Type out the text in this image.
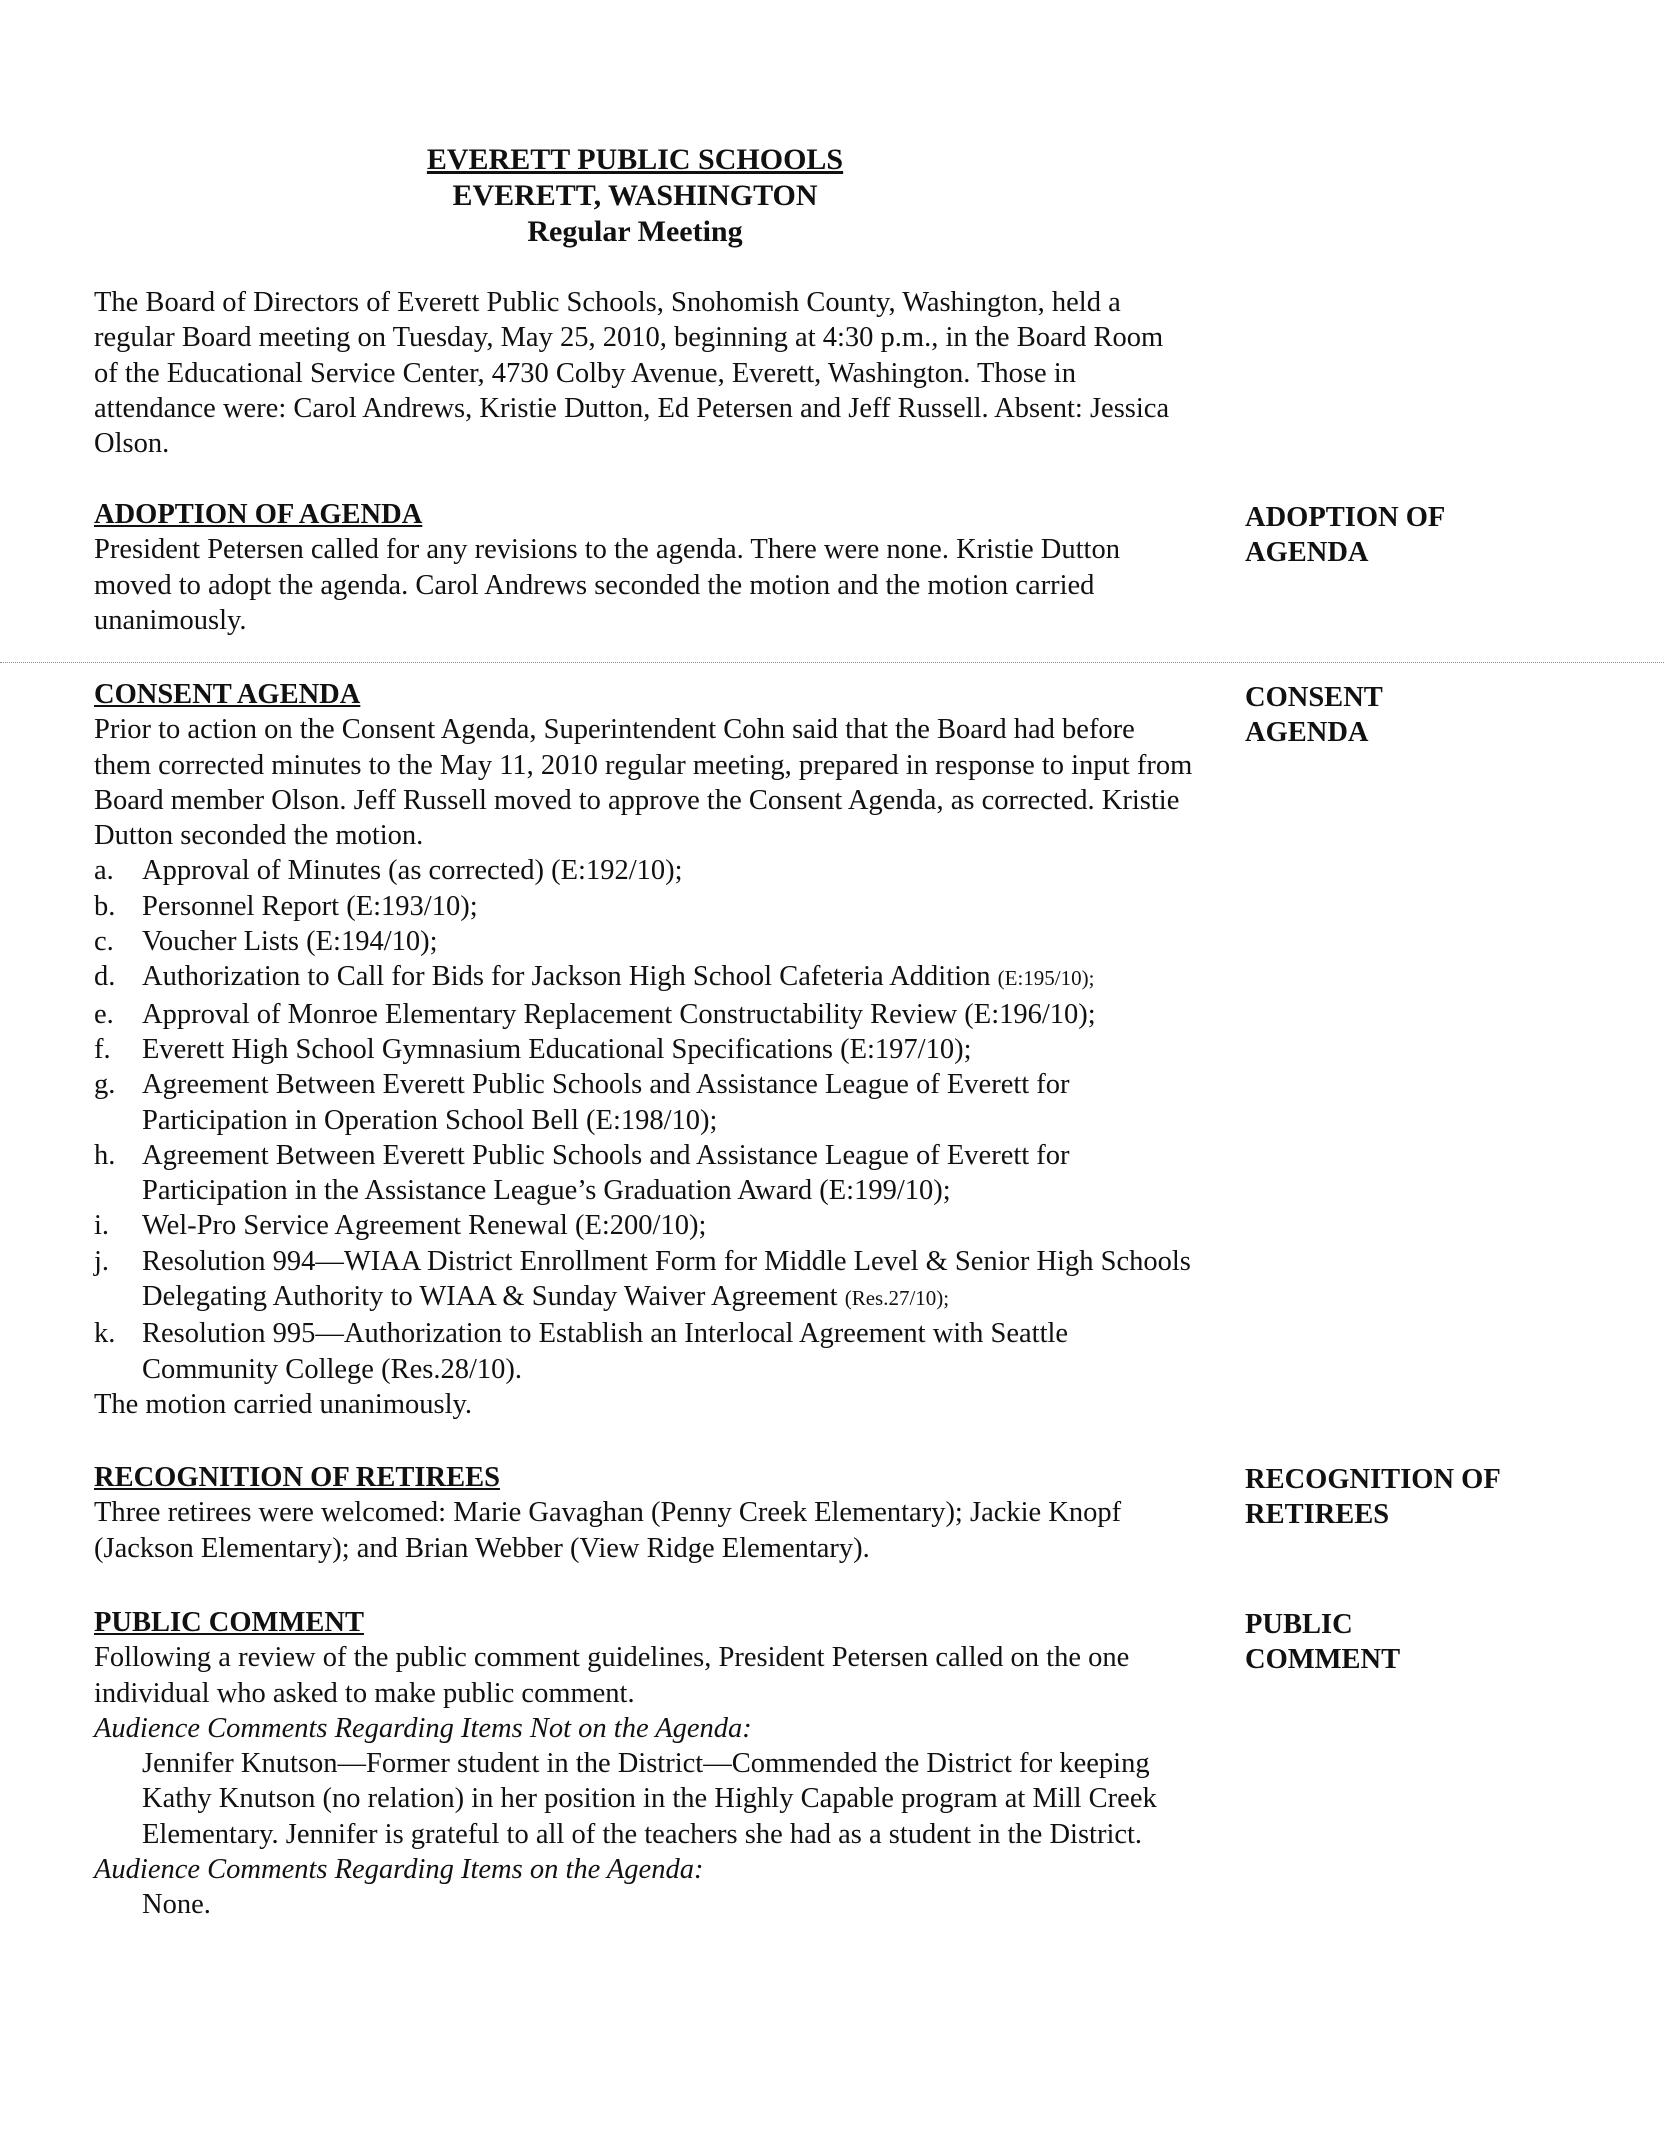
EVERETT PUBLIC SCHOOLS
EVERETT, WASHINGTON
Regular Meeting

The Board of Directors of Everett Public Schools, Snohomish County, Washington, held a regular Board meeting on Tuesday, May 25, 2010, beginning at 4:30 p.m., in the Board Room of the Educational Service Center, 4730 Colby Avenue, Everett, Washington. Those in attendance were: Carol Andrews, Kristie Dutton, Ed Petersen and Jeff Russell. Absent: Jessica Olson.

ADOPTION OF AGENDA

President Petersen called for any revisions to the agenda. There were none. Kristie Dutton moved to adopt the agenda. Carol Andrews seconded the motion and the motion carried unanimously.

ADOPTION OF
AGENDA
CONSENT AGENDA

Prior to action on the Consent Agenda, Superintendent Cohn said that the Board had before them corrected minutes to the May 11, 2010 regular meeting, prepared in response to input from Board member Olson. Jeff Russell moved to approve the Consent Agenda, as corrected. Kristie Dutton seconded the motion.

a. Approval of Minutes (as corrected) (E:192/10);
b. Personnel Report (E:193/10);
c. Voucher Lists (E:194/10);
d. Authorization to Call for Bids for Jackson High School Cafeteria Addition (E:195/10);
e. Approval of Monroe Elementary Replacement Constructability Review (E:196/10);
f.	Everett High School Gymnasium Educational Specifications (E:197/10);
g. Agreement Between Everett Public Schools and Assistance League of Everett for Participation in Operation School Bell (E:198/10);
h. Agreement Between Everett Public Schools and Assistance League of Everett for Participation in the Assistance League’s Graduation Award (E:199/10);
i.	Wel-Pro Service Agreement Renewal (E:200/10);
j.	Resolution 994—WIAA District Enrollment Form for Middle Level & Senior High Schools Delegating Authority to WIAA & Sunday Waiver Agreement (Res.27/10);
k. Resolution 995—Authorization to Establish an Interlocal Agreement with Seattle Community College (Res.28/10).

The motion carried unanimously.

CONSENT
AGENDA
RECOGNITION OF RETIREES

Three retirees were welcomed: Marie Gavaghan (Penny Creek Elementary); Jackie Knopf (Jackson Elementary); and Brian Webber (View Ridge Elementary).

RECOGNITION OF
RETIREES
PUBLIC COMMENT

Following a review of the public comment guidelines, President Petersen called on the one individual who asked to make public comment.

Audience Comments Regarding Items Not on the Agenda:

Jennifer Knutson—Former student in the District—Commended the District for keeping Kathy Knutson (no relation) in her position in the Highly Capable program at Mill Creek Elementary. Jennifer is grateful to all of the teachers she had as a student in the District.

Audience Comments Regarding Items on the Agenda:

None.

PUBLIC
COMMENT
